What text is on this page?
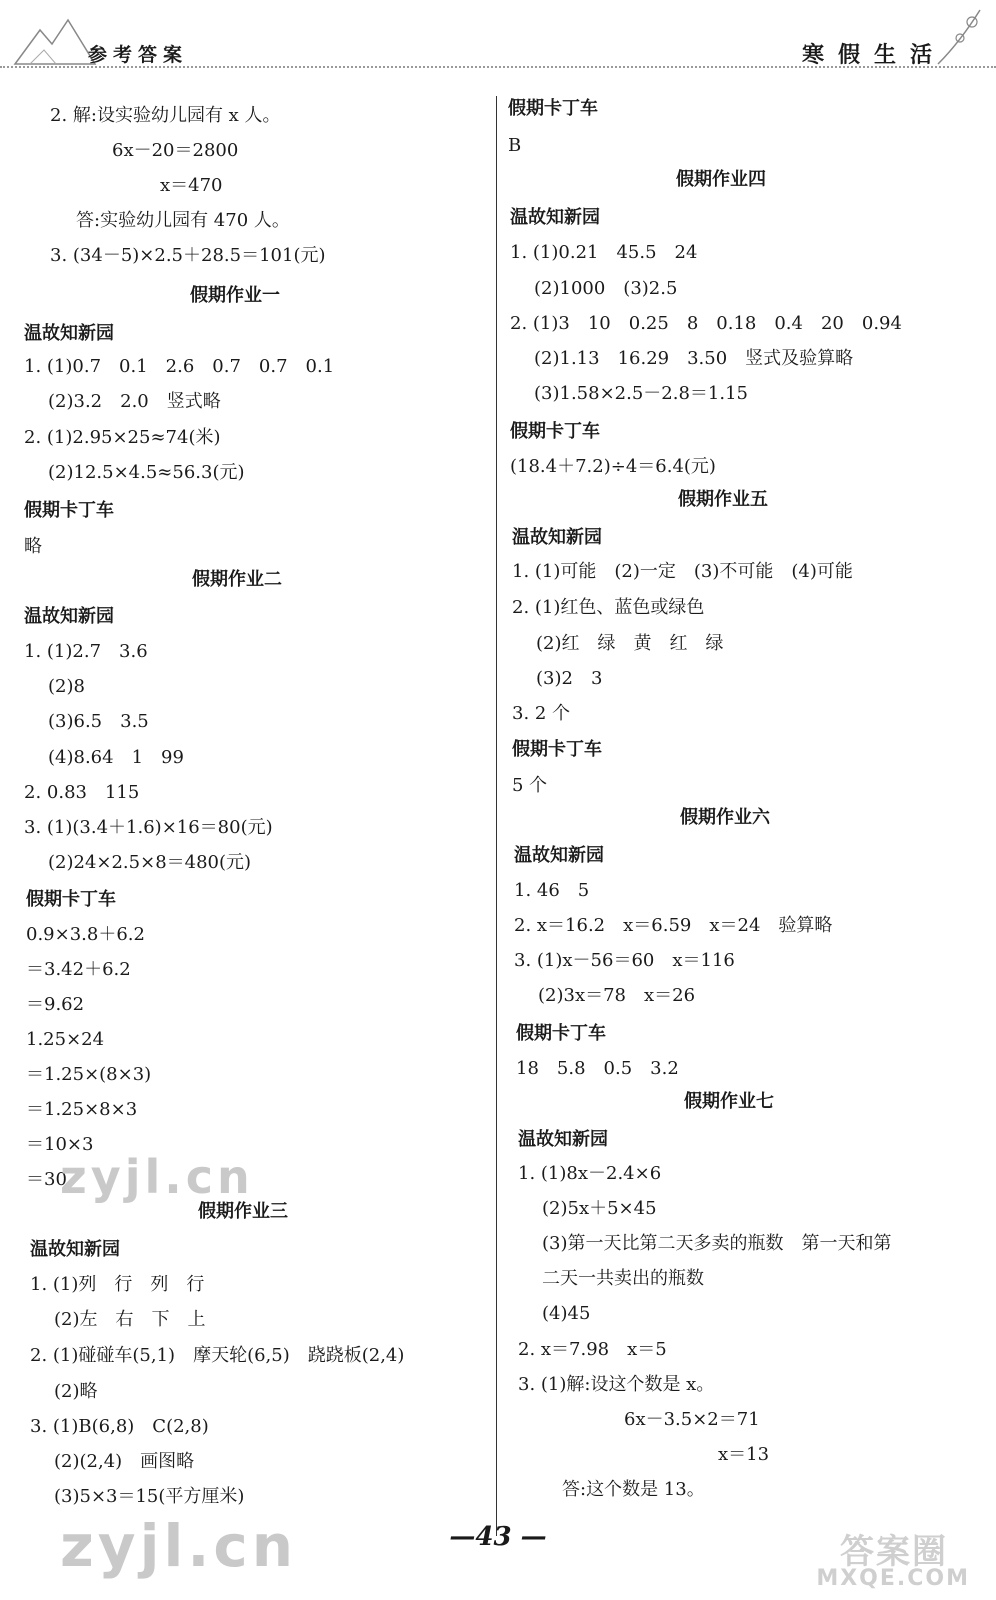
参考答案	寒假生活
2. 解:设实验幼儿园有 x 人。
6x－20＝2800
x＝470
答:实验幼儿园有 470 人。
3. (34－5)×2.5＋28.5＝101(元)
假期作业一
温故知新园
1. (1)0.7　0.1　2.6　0.7　0.7　0.1
(2)3.2　2.0　竖式略
2. (1)2.95×25≈74(米)
(2)12.5×4.5≈56.3(元)
假期卡丁车
略
假期作业二
温故知新园
1. (1)2.7　3.6
(2)8
(3)6.5　3.5
(4)8.64　1　99
2. 0.83　115
3. (1)(3.4＋1.6)×16＝80(元)
(2)24×2.5×8＝480(元)
假期卡丁车
0.9×3.8＋6.2
＝3.42＋6.2
＝9.62
1.25×24
＝1.25×(8×3)
＝1.25×8×3
＝10×3
＝30
假期作业三
温故知新园
1. (1)列　行　列　行
(2)左　右　下　上
2. (1)碰碰车(5,1)　摩天轮(6,5)　跷跷板(2,4)
(2)略
3. (1)B(6,8)　C(2,8)
(2)(2,4)　画图略
(3)5×3＝15(平方厘米)
假期卡丁车
B
假期作业四
温故知新园
1. (1)0.21　45.5　24
(2)1000　(3)2.5
2. (1)3　10　0.25　8　0.18　0.4　20　0.94
(2)1.13　16.29　3.50　竖式及验算略
(3)1.58×2.5－2.8＝1.15
假期卡丁车
(18.4＋7.2)÷4＝6.4(元)
假期作业五
温故知新园
1. (1)可能　(2)一定　(3)不可能　(4)可能
2. (1)红色、蓝色或绿色
(2)红　绿　黄　红　绿
(3)2　3
3. 2 个
假期卡丁车
5 个
假期作业六
温故知新园
1. 46　5
2. x＝16.2　x＝6.59　x＝24　验算略
3. (1)x－56＝60　x＝116
(2)3x＝78　x＝26
假期卡丁车
18　5.8　0.5　3.2
假期作业七
温故知新园
1. (1)8x－2.4×6
(2)5x＋5×45
(3)第一天比第二天多卖的瓶数　第一天和第
二天一共卖出的瓶数
(4)45
2. x＝7.98　x＝5
3. (1)解:设这个数是 x。
6x－3.5×2＝71
x＝13
答:这个数是 13。
zyjl.cn
zyjl.cn	—43 —	答案圈
MXQE.COM
